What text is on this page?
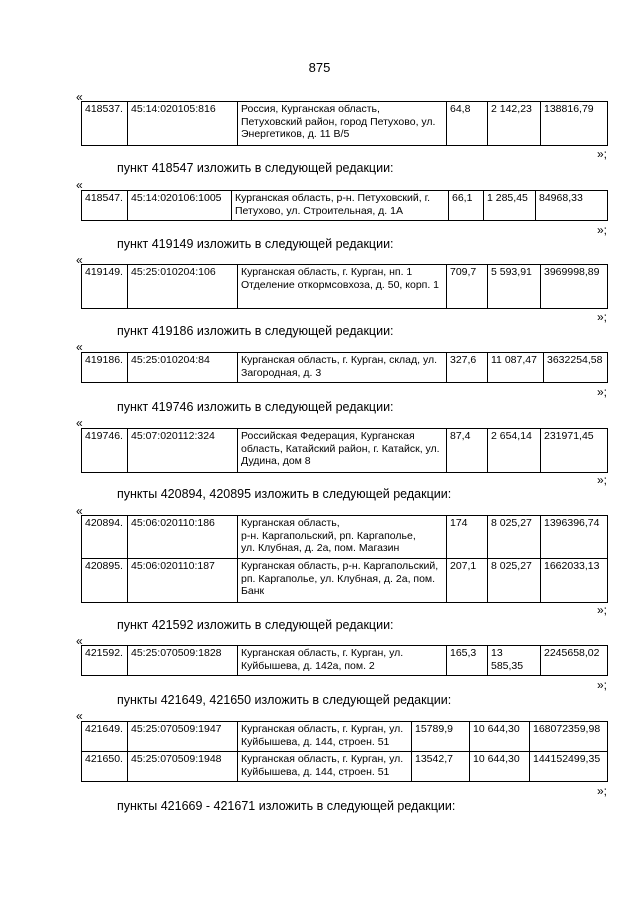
875
«
418537.	45:14:020105:816	Россия, Курганская область, Петуховский район, город Петухово, ул. Энергетиков, д. 11 В/5	64,8	2 142,23	138816,79
»;
пункт 418547 изложить в следующей редакции:
«
418547.	45:14:020106:1005	Курганская область, р-н. Петуховский, г. Петухово, ул. Строительная, д. 1А	66,1	1 285,45	84968,33
»;
пункт 419149 изложить в следующей редакции:
«
419149.	45:25:010204:106	Курганская область, г. Курган, нп. 1 Отделение откормсовхоза, д. 50, корп. 1	709,7	5 593,91	3969998,89
»;
пункт 419186 изложить в следующей редакции:
«
419186.	45:25:010204:84	Курганская область, г. Курган, склад, ул. Загородная, д. 3	327,6	11 087,47	3632254,58
»;
пункт 419746 изложить в следующей редакции:
«
419746.	45:07:020112:324	Российская Федерация, Курганская область, Катайский район, г. Катайск, ул. Дудина, дом 8	87,4	2 654,14	231971,45
»;
пункты 420894, 420895 изложить в следующей редакции:
«
420894.	45:06:020110:186	Курганская область,
р-н. Каргапольский, рп. Каргаполье,
ул. Клубная, д. 2а, пом. Магазин	174	8 025,27	1396396,74
420895.	45:06:020110:187	Курганская область, р-н. Каргапольский, рп. Каргаполье, ул. Клубная, д. 2а, пом. Банк	207,1	8 025,27	1662033,13
»;
пункт 421592 изложить в следующей редакции:
«
421592.	45:25:070509:1828	Курганская область, г. Курган, ул. Куйбышева, д. 142а, пом. 2	165,3	13 585,35	2245658,02
»;
пункты 421649, 421650 изложить в следующей редакции:
«
421649.	45:25:070509:1947	Курганская область, г. Курган, ул. Куйбышева, д. 144, строен. 51	15789,9	10 644,30	168072359,98
421650.	45:25:070509:1948	Курганская область, г. Курган, ул. Куйбышева, д. 144, строен. 51	13542,7	10 644,30	144152499,35
»;
пункты 421669 - 421671 изложить в следующей редакции:
